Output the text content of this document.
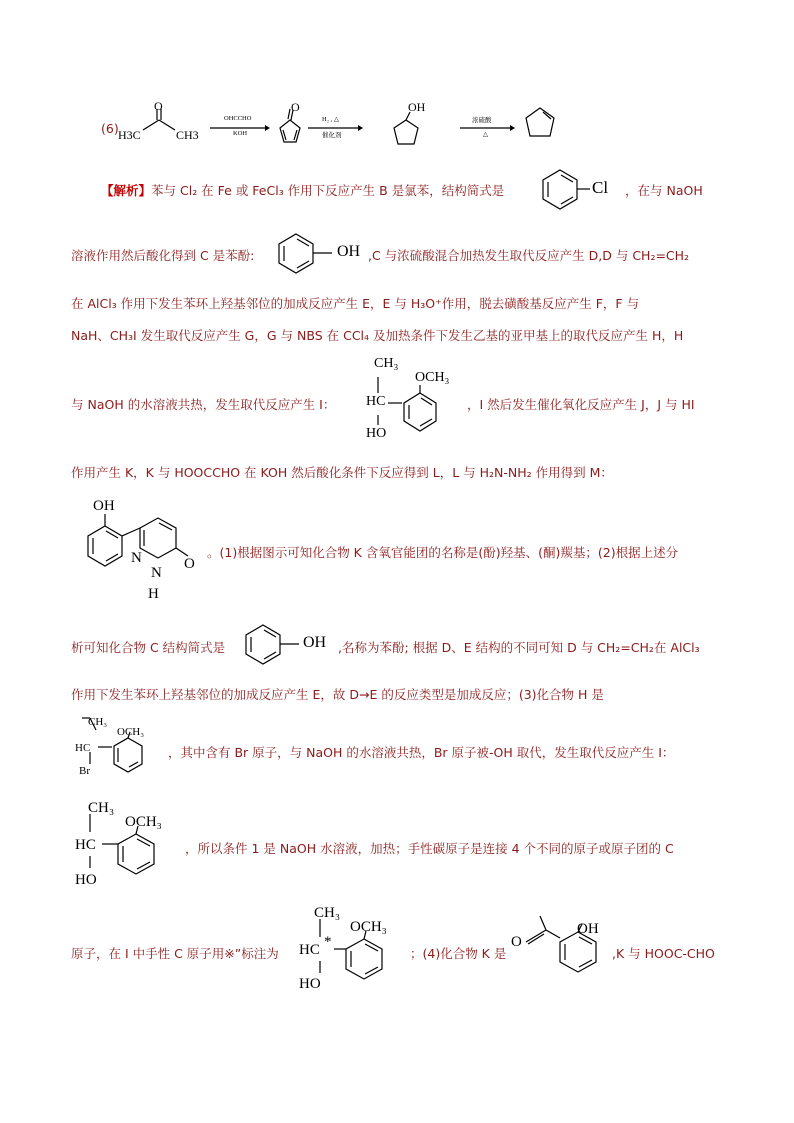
(6)
O
H3C	CH3
OHCCHO
KOH
O
H₂ , △
催化剂
OH
浓硫酸
△
【解析】苯与 Cl₂ 在 Fe 或 FeCl₃ 作用下反应产生 B 是氯苯，结构简式是	Cl ，在与 NaOH
溶液作用然后酸化得到 C 是苯酚:	OH ,C 与浓硫酸混合加热发生取代反应产生 D,D 与 CH₂=CH₂
在 AlCl₃ 作用下发生苯环上羟基邻位的加成反应产生 E，E 与 H₃O⁺作用，脱去磺酸基反应产生 F，F 与
NaH、CH₃I 发生取代反应产生 G，G 与 NBS 在 CCl₄ 及加热条件下发生乙基的亚甲基上的取代反应产生 H，H
与 NaOH 的水溶液共热，发生取代反应产生 I：
CH₃
OCH₃
HC
HO
，I 然后发生催化氧化反应产生 J，J 与 HI
作用产生 K，K 与 HOOCCHO 在 KOH 然后酸化条件下反应得到 L，L 与 H₂N-NH₂ 作用得到 M：
OH
N
N
H
O
。(1)根据图示可知化合物 K 含氧官能团的名称是(酚)羟基、(酮)羰基；(2)根据上述分
析可知化合物 C 结构简式是	OH ,名称为苯酚; 根据 D、E 结构的不同可知 D 与 CH₂=CH₂在 AlCl₃
作用下发生苯环上羟基邻位的加成反应产生 E，故 D→E 的反应类型是加成反应；(3)化合物 H 是
CH₃
OCH₃
HC
Br
，其中含有 Br 原子，与 NaOH 的水溶液共热，Br 原子被-OH 取代，发生取代反应产生 I：
CH₃
OCH₃
HC
HO
，所以条件 1 是 NaOH 水溶液，加热；手性碳原子是连接 4 个不同的原子或原子团的 C
原子，在 I 中手性 C 原子用※”标注为
CH₃
OCH₃
HC *
HO
；(4)化合物 K 是
OH
O
,K 与 HOOC-CHO
